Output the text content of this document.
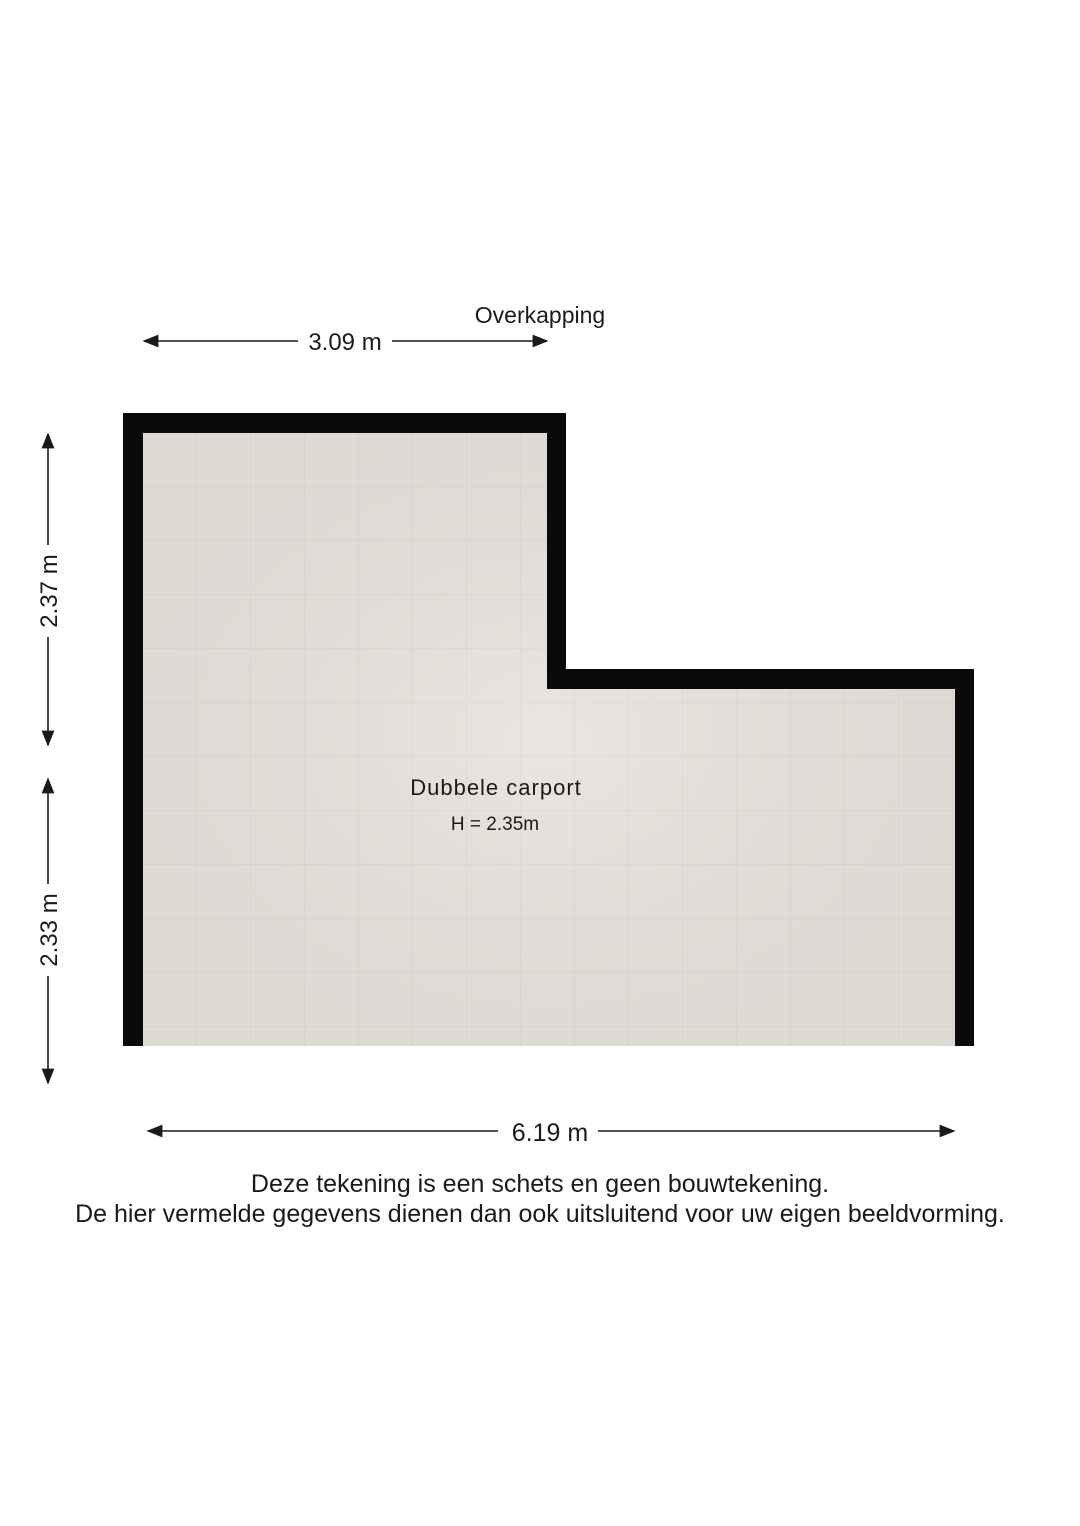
3.09 m
Overkapping
6.19 m
2.37 m
2.33 m
Dubbele carport
H = 2.35m
Deze tekening is een schets en geen bouwtekening.
De hier vermelde gegevens dienen dan ook uitsluitend voor uw eigen beeldvorming.
